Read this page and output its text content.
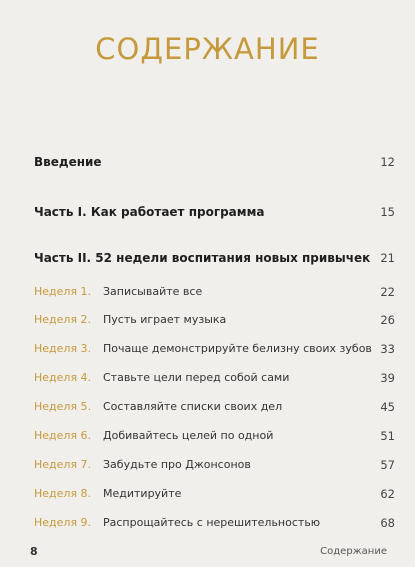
СОДЕРЖАНИЕ
Введение	12
Часть I. Как работает программа	15
Часть II. 52 недели воспитания новых привычек 21
Неделя 1. Записывайте все	22
Неделя 2. Пусть играет музыка	26
Неделя 3. Почаще демонстрируйте белизну своих зубов 33
Неделя 4. Ставьте цели перед собой сами	39
Неделя 5. Составляйте списки своих дел	45
Неделя 6. Добивайтесь целей по одной	51
Неделя 7. Забудьте про Джонсонов	57
Неделя 8. Медитируйте	62
Неделя 9. Распрощайтесь с нерешительностью	68
8	Содержание
